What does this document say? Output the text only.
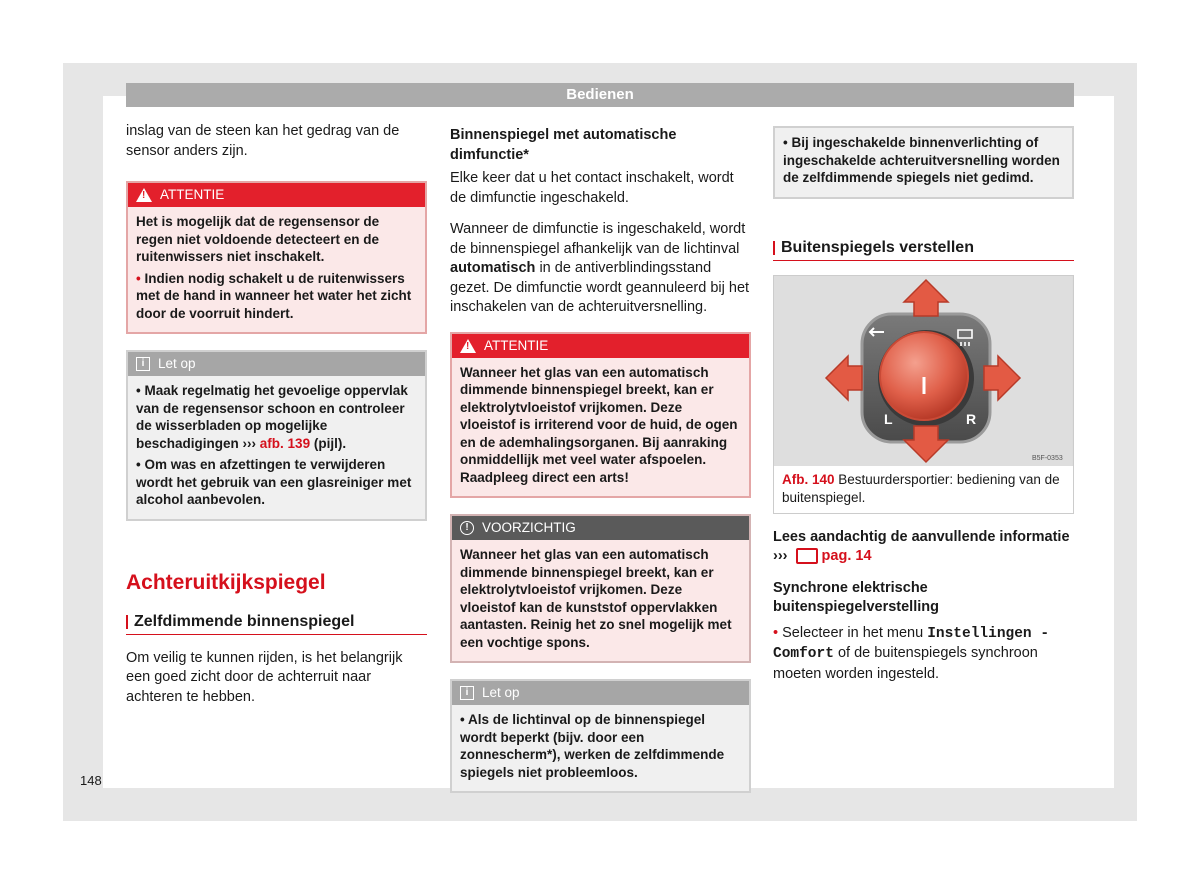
Bedienen

inslag van de steen kan het gedrag van de sensor anders zijn.

!
ATTENTIE

Het is mogelijk dat de regensensor de regen niet voldoende detecteert en de ruitenwissers niet inschakelt.

• Indien nodig schakelt u de ruitenwissers met de hand in wanneer het water het zicht door de voorruit hindert.

i	Let op

• Maak regelmatig het gevoelige oppervlak van de regensensor schoon en controleer de wisserbladen op mogelijke beschadigingen ››› afb. 139 (pijl).

• Om was en afzettingen te verwijderen wordt het gebruik van een glasreiniger met alcohol aanbevolen.

Achteruitkijkspiegel

Zelfdimmende binnenspiegel

Om veilig te kunnen rijden, is het belangrijk een goed zicht door de achterruit naar achteren te hebben.

Binnenspiegel met automatische dimfunctie*

Elke keer dat u het contact inschakelt, wordt de dimfunctie ingeschakeld.

Wanneer de dimfunctie is ingeschakeld, wordt de binnenspiegel afhankelijk van de lichtinval automatisch in de antiverblindingsstand gezet. De dimfunctie wordt geannuleerd bij het inschakelen van de achteruitversnelling.

!
ATTENTIE

Wanneer het glas van een automatisch dimmende binnenspiegel breekt, kan er elektrolytvloeistof vrijkomen. Deze vloeistof is irriterend voor de huid, de ogen en de ademhalingsorganen. Bij aanraking onmiddellijk met veel water afspoelen. Raadpleeg direct een arts!

! VOORZICHTIG

Wanneer het glas van een automatisch dimmende binnenspiegel breekt, kan er elektrolytvloeistof vrijkomen. Deze vloeistof kan de kunststof oppervlakken aantasten. Reinig het zo snel mogelijk met een vochtige spons.

i	Let op

• Als de lichtinval op de binnenspiegel wordt beperkt (bijv. door een zonnescherm*), werken de zelfdimmende spiegels niet probleemloos.

• Bij ingeschakelde binnenverlichting of ingeschakelde achteruitversnelling worden de zelfdimmende spiegels niet gedimd.

Buitenspiegels verstellen

L	R
B5F-0353
Afb. 140 Bestuurdersportier: bediening van de buitenspiegel.

Lees aandachtig de aanvullende informatie
›››  pag. 14

Synchrone elektrische buitenspiegelverstelling

• Selecteer in het menu Instellingen - Comfort of de buitenspiegels synchroon moeten worden ingesteld.

148
